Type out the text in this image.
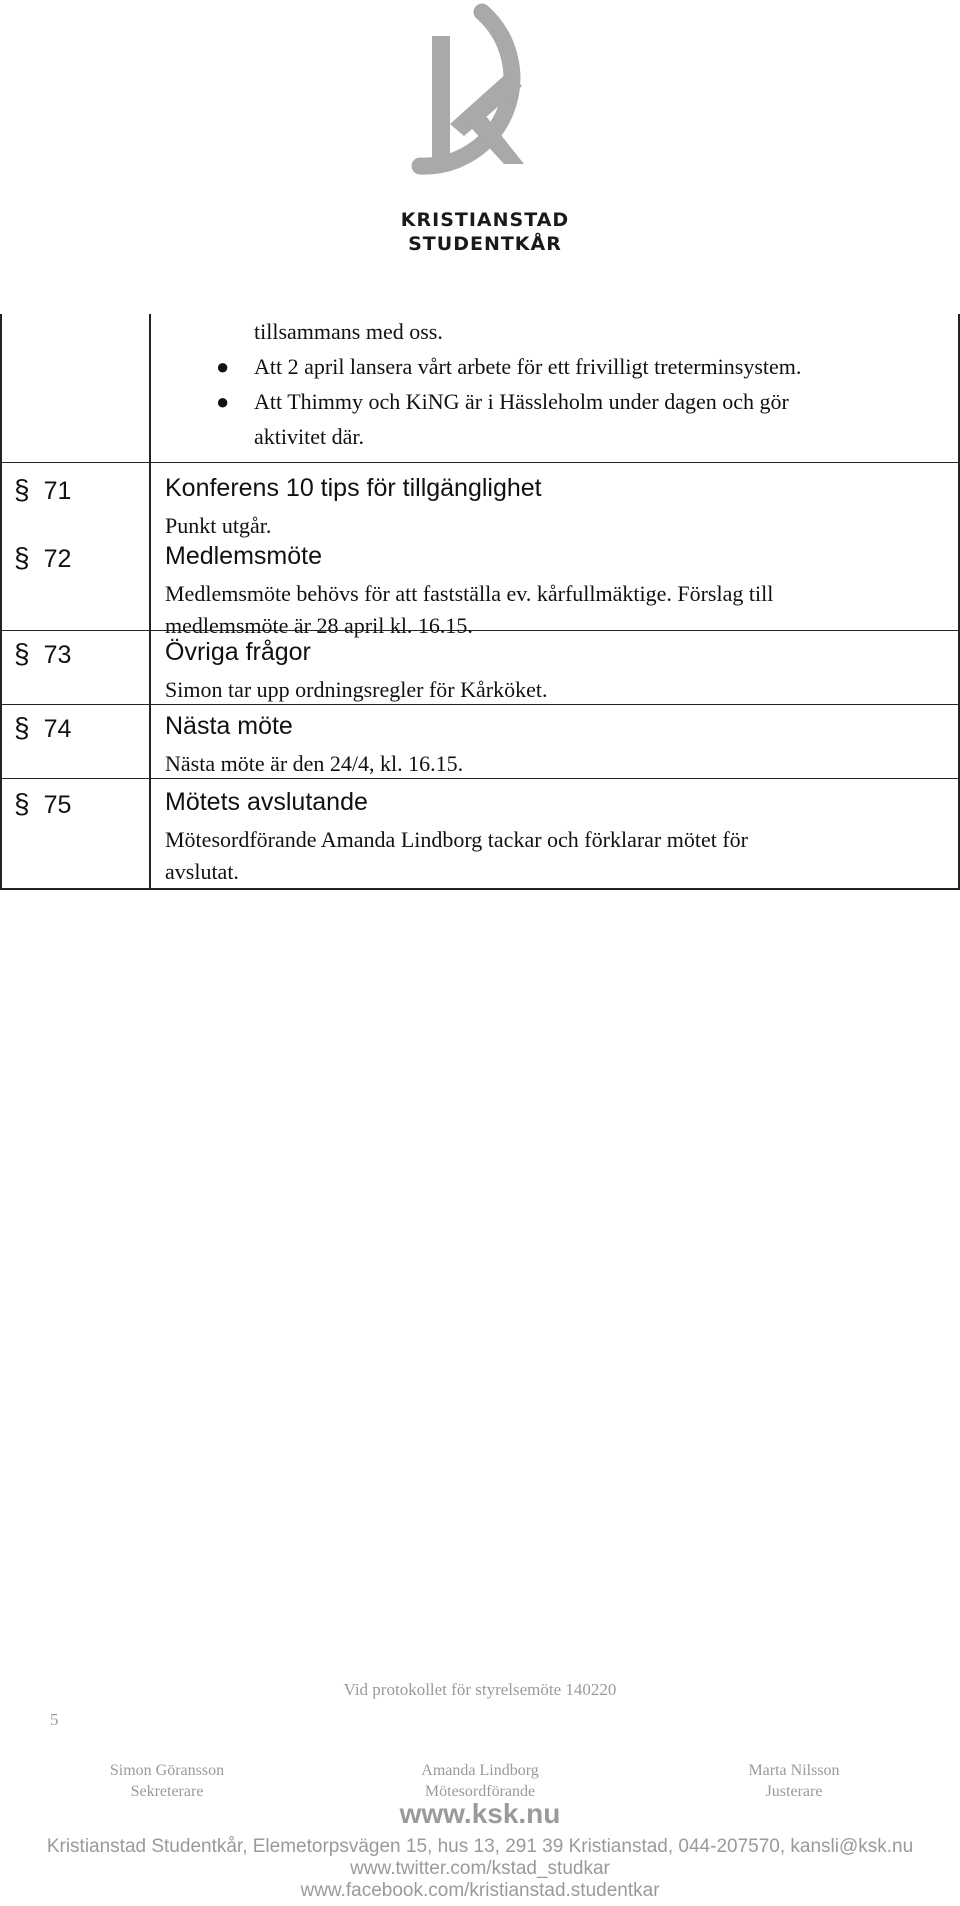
KRISTIANSTAD
STUDENTKÅR
tillsammans med oss.
● Att 2 april lansera vårt arbete för ett frivilligt treterminsystem.
● Att Thimmy och KiNG är i Hässleholm under dagen och gör
aktivitet där.
§ 71	Konferens 10 tips för tillgänglighet
Punkt utgår.
§ 72	Medlemsmöte
Medlemsmöte behövs för att fastställa ev. kårfullmäktige. Förslag till
medlemsmöte är 28 april kl. 16.15.
§ 73	Övriga frågor
Simon tar upp ordningsregler för Kårköket.
§ 74	Nästa möte
Nästa möte är den 24/4, kl. 16.15.
§ 75	Mötets avslutande
Mötesordförande Amanda Lindborg tackar och förklarar mötet för
avslutat.
Vid protokollet för styrelsemöte 140220
5
Simon Göransson
Sekreterare
Amanda Lindborg
Mötesordförande
Marta Nilsson
Justerare
www.ksk.nu
Kristianstad Studentkår, Elemetorpsvägen 15, hus 13, 291 39 Kristianstad, 044-207570, kansli@ksk.nu
www.twitter.com/kstad_studkar
www.facebook.com/kristianstad.studentkar
